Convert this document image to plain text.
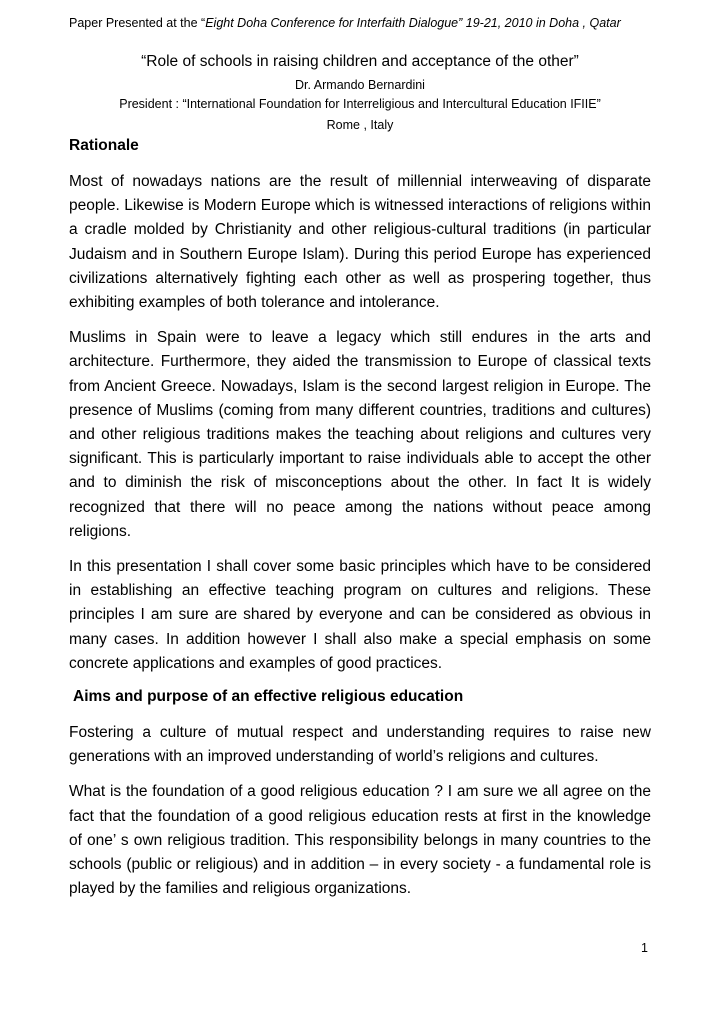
Paper Presented at the “Eight Doha Conference for Interfaith Dialogue” 19-21, 2010 in Doha , Qatar
“Role of schools in raising children and acceptance of the other”
Dr. Armando Bernardini
President : “International Foundation for Interreligious and Intercultural Education IFIIE”
Rome , Italy
Rationale

Most of nowadays nations are the result of millennial interweaving of disparate people. Likewise is Modern Europe which is witnessed interactions of religions within a cradle molded by Christianity and other religious-cultural traditions (in particular Judaism and in Southern Europe Islam). During this period Europe has experienced civilizations alternatively fighting each other as well as prospering together, thus exhibiting examples of both tolerance and intolerance.

Muslims in Spain were to leave a legacy which still endures in the arts and architecture. Furthermore, they aided the transmission to Europe of classical texts from Ancient Greece. Nowadays, Islam is the second largest religion in Europe. The presence of Muslims (coming from many different countries, traditions and cultures) and other religious traditions makes the teaching about religions and cultures very significant. This is particularly important to raise individuals able to accept the other and to diminish the risk of misconceptions about the other. In fact It is widely recognized that there will no peace among the nations without peace among religions.

In this presentation I shall cover some basic principles which have to be considered in establishing an effective teaching program on cultures and religions. These principles I am sure are shared by everyone and can be considered as obvious in many cases. In addition however I shall also make a special emphasis on some concrete applications and examples of good practices.

Aims and purpose of an effective religious education

Fostering a culture of mutual respect and understanding requires to raise new generations with an improved understanding of world’s religions and cultures.

What is the foundation of a good religious education ? I am sure we all agree on the fact that the foundation of a good religious education rests at first in the knowledge of one’ s own religious tradition. This responsibility belongs in many countries to the schools (public or religious) and in addition – in every society - a fundamental role is played by the families and religious organizations.

1
